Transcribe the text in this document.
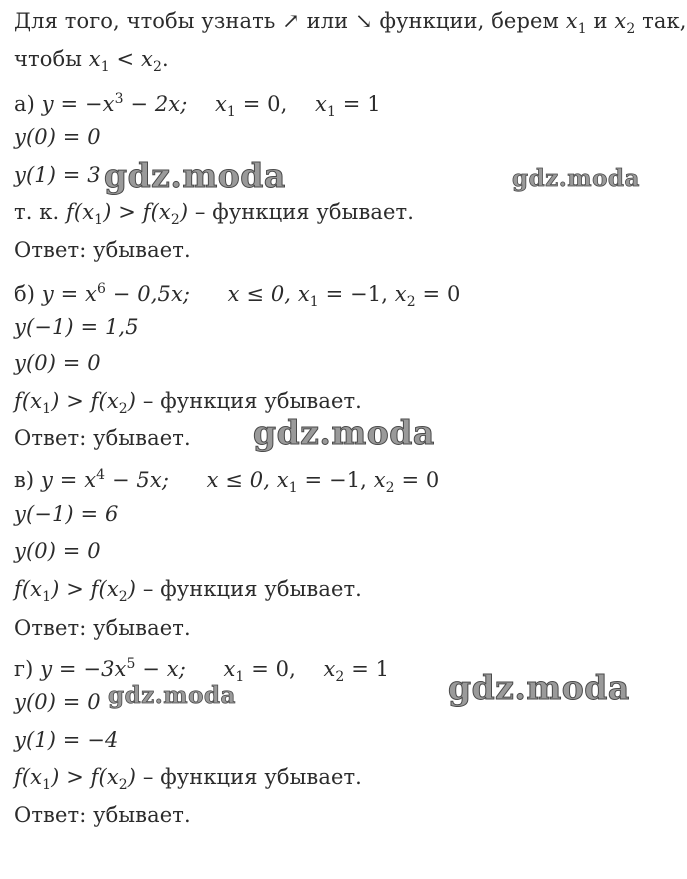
Для того, чтобы узнать ↗ или ↘ функции, берем $x_1$ и $x_2$ так,
чтобы $x_1 < x_2$.
а) $y = -x^3 - 2x$; $x_1 = 0$, $x_1 = 1$
y(0) = 0
y(1) = 3
т. к. $f(x_1) > f(x_2)$ – функция убывает.
Ответ: убывает.
б) $y = x^6 - 0,5x$; x ≤ 0, $x_1 = -1$, $x_2 = 0$
y(−1) = 1,5
y(0) = 0
$f(x_1) > f(x_2)$ – функция убывает.
Ответ: убывает.
в) $y = x^4 - 5x$; x ≤ 0, $x_1 = -1$, $x_2 = 0$
y(−1) = 6
y(0) = 0
$f(x_1) > f(x_2)$ – функция убывает.
Ответ: убывает.
г) $y = -3x^5 - x$; $x_1 = 0$, $x_2 = 1$
y(0) = 0
y(1) = −4
$f(x_1) > f(x_2)$ – функция убывает.
Ответ: убывает.
gdz.moda	gdz.moda
gdz.moda
gdz.moda	gdz.moda
